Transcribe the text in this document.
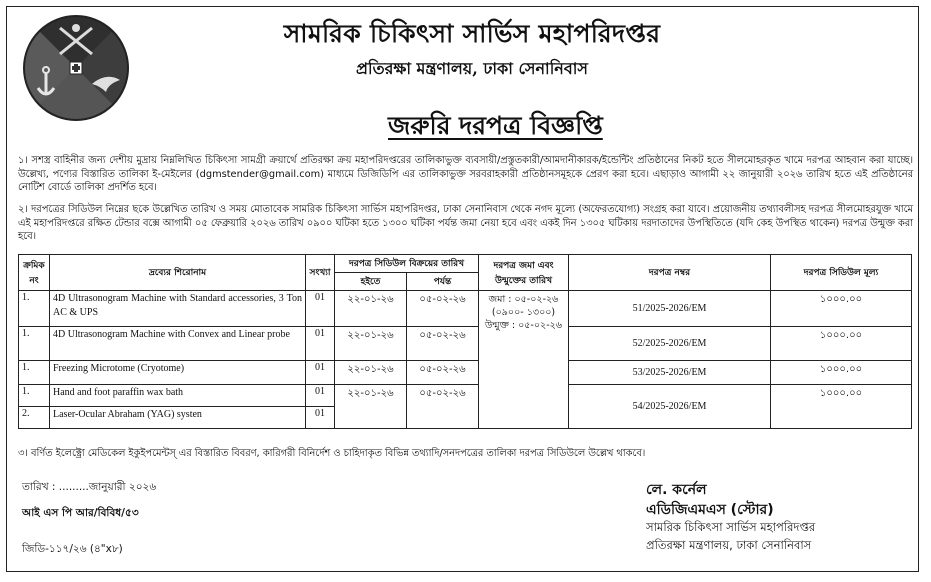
সামরিক চিকিৎসা সার্ভিস মহাপরিদপ্তর
প্রতিরক্ষা মন্ত্রণালয়, ঢাকা সেনানিবাস
জরুরি দরপত্র বিজ্ঞপ্তি
১। সশস্ত্র বাহিনীর জন্য দেশীয় মুদ্রায় নিম্নলিখিত চিকিৎসা সামগ্রী ক্রয়ার্থে প্রতিরক্ষা ক্রয় মহাপরিদপ্তরের তালিকাভুক্ত ব্যবসায়ী/প্রস্তুতকারী/আমদানীকারক/ইন্ডেন্টিং প্রতিষ্ঠানের নিকট হতে সীলমোহরকৃত খামে দরপত্র আহবান করা যাচ্ছে। উল্লেখ্য, পণ্যের বিস্তারিত তালিকা ই-মেইলের (dgmstender@gmail.com) মাধ্যমে ডিজিডিপি এর তালিকাভুক্ত সরবরাহকারী প্রতিষ্ঠানসমূহকে প্রেরণ করা হবে। এছাড়াও আগামী ২২ জানুয়ারী ২০২৬ তারিখ হতে এই প্রতিষ্ঠানের নোটিশ বোর্ডে তালিকা প্রদর্শিত হবে।
২। দরপত্রের সিডিউল নিম্নের ছকে উল্লেখিত তারিখ ও সময় মোতাবেক সামরিক চিকিৎসা সার্ভিস মহাপরিদপ্তর, ঢাকা সেনানিবাস থেকে নগদ মূল্যে (অফেরতযোগ্য) সংগ্রহ করা যাবে। প্রয়োজনীয় তথ্যাবলীসহ দরপত্র সীলমোহরযুক্ত খামে এই মহাপরিদপ্তরে রক্ষিত টেন্ডার বক্সে আগামী ০৫ ফেব্রুয়ারি ২০২৬ তারিখ ০৯০০ ঘটিকা হতে ১৩০০ ঘটিকা পর্যন্ত জমা নেয়া হবে এবং একই দিন ১৩০৫ ঘটিকায় দরদাতাদের উপস্থিতিতে (যদি কেহ উপস্থিত থাকেন) দরপত্র উন্মুক্ত করা হবে।
ক্রমিক নং	দ্রব্যের শিরোনাম	সংখ্যা	দরপত্র সিডিউল বিক্রয়ের তারিখ		দরপত্র জমা এবং উন্মুক্তের তারিখ	দরপত্র নম্বর	দরপত্র সিডিউল মূল্য
			হইতে	পর্যন্ত			
1.	4D Ultrasonogram Machine with Standard accessories, 3 Ton AC & UPS	01	২২-০১-২৬	০৫-০২-২৬	জমা : ০৫-০২-২৬ (০৯০০- ১৩০০) উন্মুক্ত : ০৫-০২-২৬	51/2025-2026/EM	১০০০.০০
1.	4D Ultrasonogram Machine with Convex and Linear probe	01	২২-০১-২৬	০৫-০২-২৬		52/2025-2026/EM	১০০০.০০
1.	Freezing Microtome (Cryotome)	01	২২-০১-২৬	০৫-০২-২৬		53/2025-2026/EM	১০০০.০০
1.	Hand and foot paraffin wax bath	01	২২-০১-২৬	০৫-০২-২৬		54/2025-2026/EM	১০০০.০০
2.	Laser-Ocular Abraham (YAG) systen	01					
৩। বর্ণিত ইলেক্ট্রো মেডিকেল ইকুইপমেন্টস্ এর বিস্তারিত বিবরণ, কারিগরী বিনির্দেশ ও চাহিদাকৃত বিভিন্ন তথ্যাদি/সনদপত্রের তালিকা দরপত্র সিডিউলে উল্লেখ থাকবে।
তারিখ : .........জানুয়ারী ২০২৬
আই এস পি আর/বিবিধ/৫৩
জিডি-১১৭/২৬ (৪"x৮)
লে. কর্নেল
এডিজিএমএস (স্টোর)
সামরিক চিকিৎসা সার্ভিস মহাপরিদপ্তর
প্রতিরক্ষা মন্ত্রণালয়, ঢাকা সেনানিবাস
